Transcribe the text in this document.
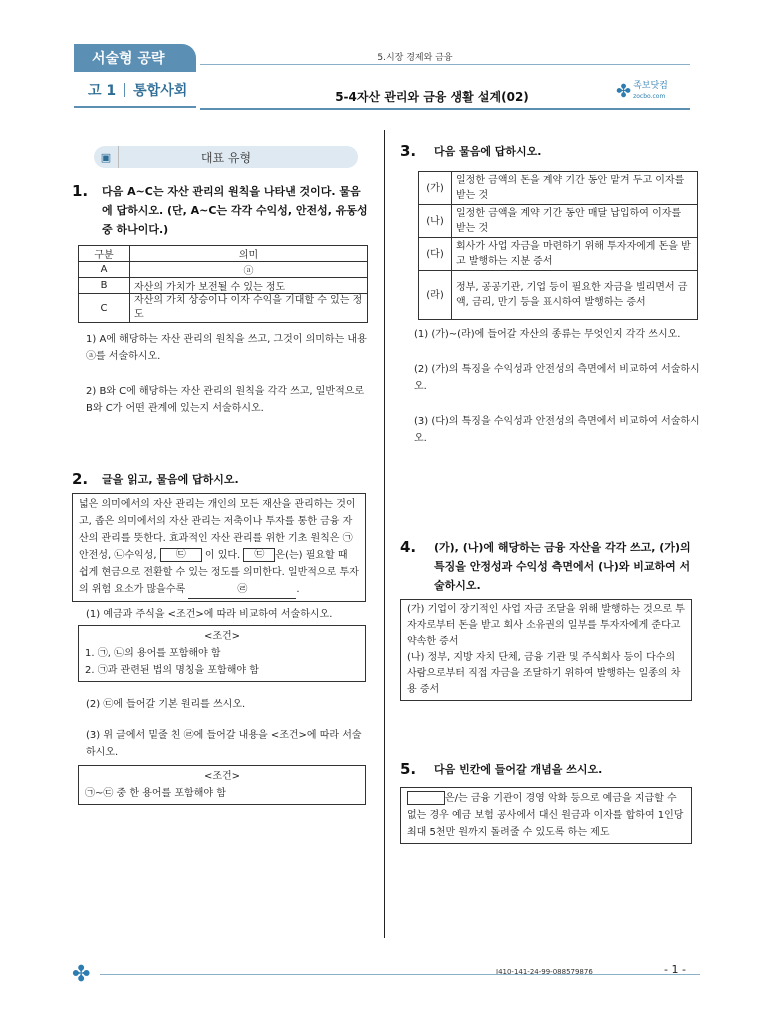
서술형 공략
고 1 통합사회
5.시장 경제와 금융
5-4자산 관리와 금융 생활 설계(02)	✤ 족보닷컴
zocbo.com
▣	대표 유형
1.	다음 A~C는 자산 관리의 원칙을 나타낸 것이다. 물음에 답하시오. (단, A~C는 각각 수익성, 안전성, 유동성 중 하나이다.)
구분	의미
A	ⓐ
B	자산의 가치가 보전될 수 있는 정도
C	자산의 가치 상승이나 이자 수익을 기대할 수 있는 정도
1) A에 해당하는 자산 관리의 원칙을 쓰고, 그것이 의미하는 내용 ⓐ를 서술하시오.
2) B와 C에 해당하는 자산 관리의 원칙을 각각 쓰고, 일반적으로 B와 C가 어떤 관계에 있는지 서술하시오.
2.	글을 읽고, 물음에 답하시오.
넓은 의미에서의 자산 관리는 개인의 모든 재산을 관리하는 것이고, 좁은 의미에서의 자산 관리는 저축이나 투자를 통한 금융 자산의 관리를 뜻한다. 효과적인 자산 관리를 위한 기초 원칙은 ㉠안전성, ㉡수익성, ㉢ 이 있다. ㉢ 은(는) 필요할 때 쉽게 현금으로 전환할 수 있는 정도를 의미한다. 일반적으로 투자의 위험 요소가 많을수록	㉣	.
(1) 예금과 주식을 <조건>에 따라 비교하여 서술하시오.
<조건>
1. ㉠, ㉡의 용어를 포함해야 함
2. ㉠과 관련된 법의 명칭을 포함해야 함
(2) ㉢에 들어갈 기본 원리를 쓰시오.
(3) 위 글에서 밑줄 친 ㉣에 들어갈 내용을 <조건>에 따라 서술하시오.
<조건>
㉠~㉢ 중 한 용어를 포함해야 함
3.	다음 물음에 답하시오.
(가)	일정한 금액의 돈을 계약 기간 동안 맡겨 두고 이자를 받는 것
(나)	일정한 금액을 계약 기간 동안 매달 납입하여 이자를 받는 것
(다)	회사가 사업 자금을 마련하기 위해 투자자에게 돈을 받고 발행하는 지분 증서
(라)	정부, 공공기관, 기업 등이 필요한 자금을 빌리면서 금액, 금리, 만기 등을 표시하여 발행하는 증서
(1) (가)~(라)에 들어갈 자산의 종류는 무엇인지 각각 쓰시오.
(2) (가)의 특징을 수익성과 안전성의 측면에서 비교하여 서술하시오.
(3) (다)의 특징을 수익성과 안전성의 측면에서 비교하여 서술하시오.
4.	(가), (나)에 해당하는 금융 자산을 각각 쓰고, (가)의 특징을 안정성과 수익성 측면에서 (나)와 비교하여 서술하시오.
(가) 기업이 장기적인 사업 자금 조달을 위해 발행하는 것으로 투자자로부터 돈을 받고 회사 소유권의 일부를 투자자에게 준다고 약속한 증서
(나) 정부, 지방 자치 단체, 금융 기관 및 주식회사 등이 다수의 사람으로부터 직접 자금을 조달하기 위하여 발행하는 일종의 차용 증서
5.	다음 빈칸에 들어갈 개념을 쓰시오.
은/는 금융 기관이 경영 악화 등으로 예금을 지급할 수 없는 경우 예금 보험 공사에서 대신 원금과 이자를 합하여 1인당 최대 5천만 원까지 돌려줄 수 있도록 하는 제도
✤	I410-141-24-99-088579876	- 1 -
